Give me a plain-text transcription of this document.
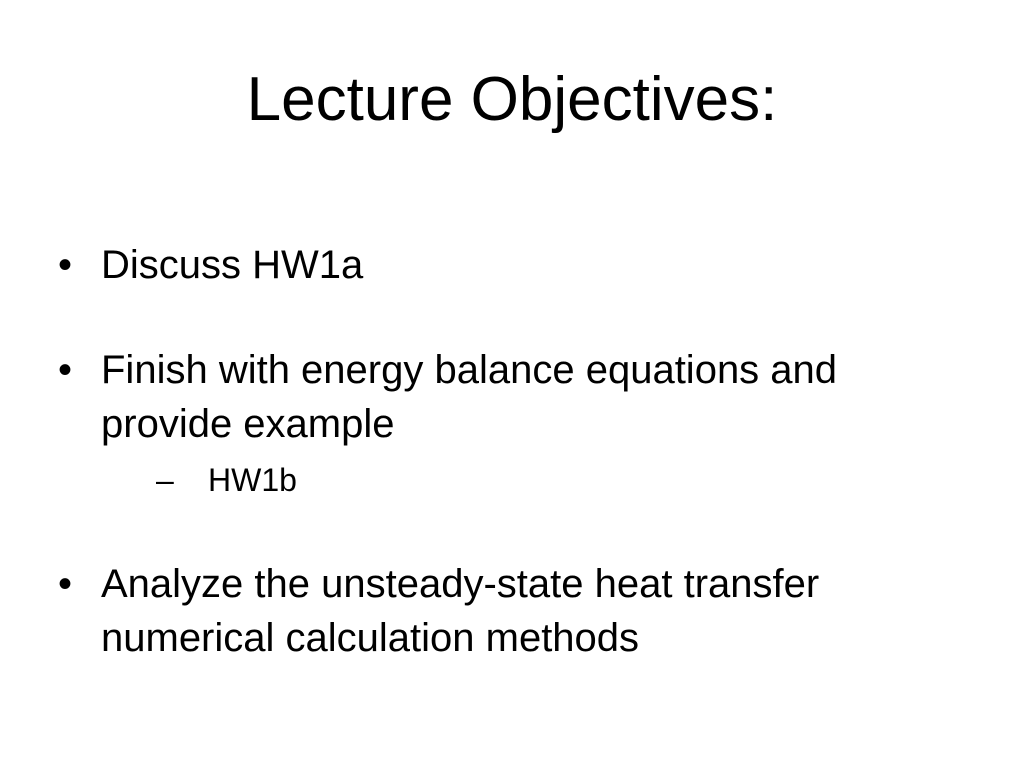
Lecture Objectives:
• Discuss HW1a
• Finish with energy balance equations and provide example
– HW1b
• Analyze the unsteady-state heat transfer numerical calculation methods
